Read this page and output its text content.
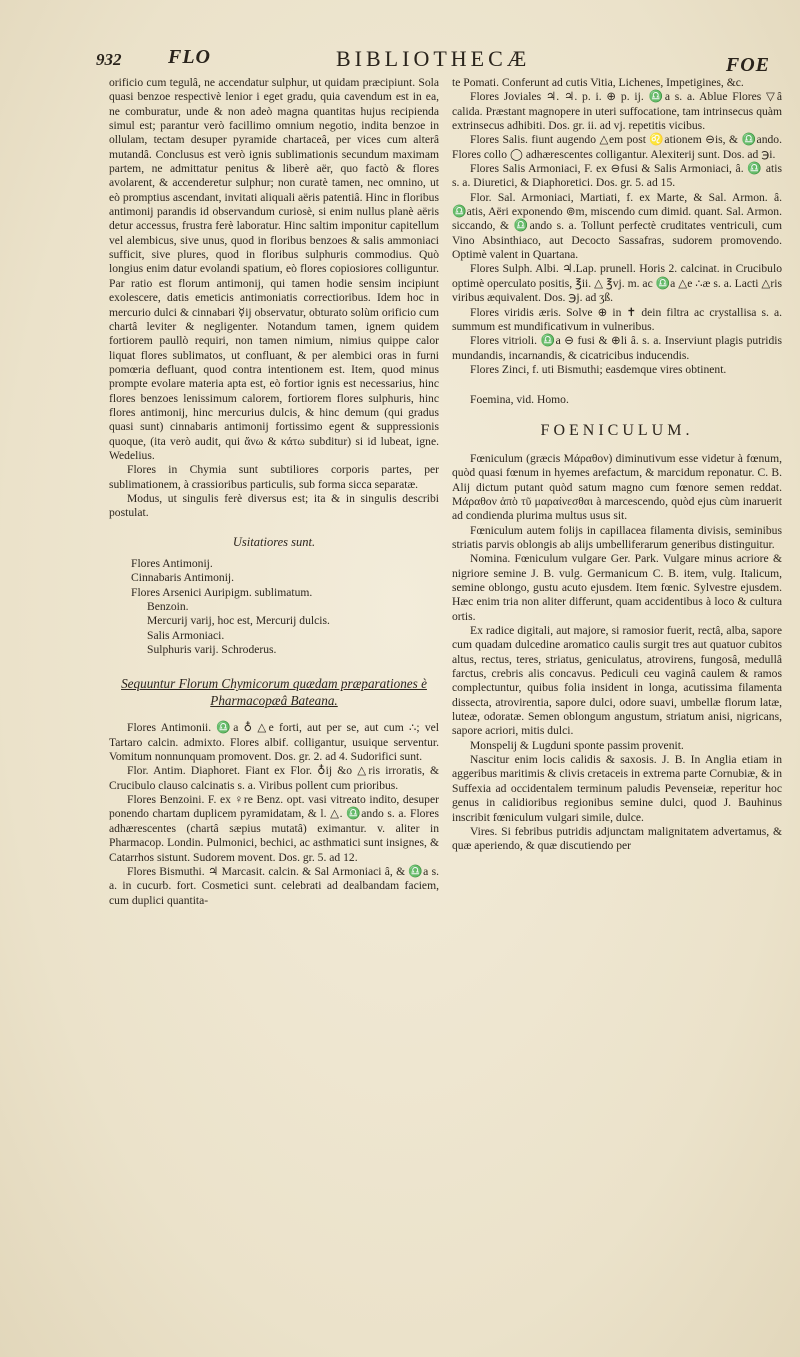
932 FLO	BIBLIOTHECÆ	FOE

orificio cum tegulâ, ne accendatur sulphur, ut quidam præcipiunt. Sola quasi benzoe respectivè lenior i eget gradu, quia cavendum est in ea, ne comburatur, unde & non adeò magna quantitas hujus recipienda simul est; parantur verò facillimo omnium negotio, indita benzoe in ollulam, tectam desuper pyramide chartaceâ, per vices cum alterâ mutandâ. Conclusus est verò ignis sublimationis secundum maximam partem, ne admittatur penitus & liberè aër, quo factò & flores avolarent, & accenderetur sulphur; non curatè tamen, nec omnino, ut eò promptius ascendant, invitati aliquali aëris patentiâ. Hinc in floribus antimonij parandis id observandum curiosè, si enim nullus planè aëris detur accessus, frustra ferè laboratur. Hinc saltim imponitur capitellum vel alembicus, sive unus, quod in floribus benzoes & salis ammoniaci sufficit, sive plures, quod in floribus sulphuris commodius. Quò longius enim datur evolandi spatium, eò flores copiosiores colliguntur. Par ratio est florum antimonij, qui tamen hodie sensim incipiunt exolescere, datis emeticis antimoniatis correctioribus. Idem hoc in mercurio dulci & cinnabari ☿ij observatur, obturato solùm orificio cum chartâ leviter & negligenter. Notandum tamen, ignem quidem fortiorem paullò requiri, non tamen nimium, nimius quippe calor liquat flores sublimatos, ut confluant, & per alembici oras in furni pomœria defluant, quod contra intentionem est. Item, quod minus prompte evolare materia apta est, eò fortior ignis est necessarius, hinc flores benzoes lenissimum calorem, fortiorem flores sulphuris, hinc flores antimonij, hinc mercurius dulcis, & hinc demum (qui gradus quasi sunt) cinnabaris antimonij fortissimo egent & suppressionis quoque, (ita verò audit, qui ἄνω & κάτω subditur) si id lubeat, igne. Wedelius.

Flores in Chymia sunt subtiliores corporis partes, per sublimationem, à crassioribus particulis, sub forma sicca separatæ.

Modus, ut singulis ferè diversus est; ita & in singulis describi postulat.

Usitatiores sunt.

Flores Antimonij.

Cinnabaris Antimonij.

Flores Arsenici Auripigm. sublimatum.

Benzoin.

Mercurij varij, hoc est, Mercurij dulcis.

Salis Armoniaci.

Sulphuris varij. Schroderus.

Sequuntur Florum Chymicorum quædam præparationes è Pharmacopæâ Bateana.

Flores Antimonii. ♎a ♁ △e forti, aut per se, aut cum ∴; vel Tartaro calcin. admixto. Flores albif. colligantur, usuique serventur. Vomitum nonnunquam promovent. Dos. gr. 2. ad 4. Sudorifici sunt.

Flor. Antim. Diaphoret. Fiant ex Flor. ♁ij &o △ris irroratis, & Crucibulo clauso calcinatis s. a. Viribus pollent cum prioribus.

Flores Benzoini. F. ex ♀re Benz. opt. vasi vitreato indito, desuper ponendo chartam duplicem pyramidatam, & l. △. ♎ando s. a. Flores adhærescentes (chartâ sæpius mutatâ) eximantur. v. aliter in Pharmacop. Londin. Pulmonici, bechici, ac asthmatici sunt insignes, & Catarrhos sistunt. Sudorem movent. Dos. gr. 5. ad 12.

Flores Bismuthi. ♃ Marcasit. calcin. & Sal Armoniaci â, & ♎a s. a. in cucurb. fort. Cosmetici sunt. celebrati ad dealbandam faciem, cum duplici quantita-

te Pomati. Conferunt ad cutis Vitia, Lichenes, Impetigines, &c.

Flores Joviales ♃. ♃. p. i. ⊕ p. ij. ♎a s. a. Ablue Flores ▽â calida. Præstant magnopere in uteri suffocatione, tam intrinsecus quàm extrinsecus adhibiti. Dos. gr. ii. ad vj. repetitis vicibus.

Flores Salis. fiunt augendo △em post ♌ationem ⊖is, & ♎ando. Flores collo ◯ adhærescentes colligantur. Alexiterij sunt. Dos. ad ℈i.

Flores Salis Armoniaci, F. ex ⊖fusi & Salis Armoniaci, â. ♎ atis s. a. Diuretici, & Diaphoretici. Dos. gr. 5. ad 15.

Flor. Sal. Armoniaci, Martiati, f. ex Marte, & Sal. Armon. â. ♎atis, Aëri exponendo ⊚m, miscendo cum dimid. quant. Sal. Armon. siccando, & ♎ando s. a. Tollunt perfectè cruditates ventriculi, cum Vino Absinthiaco, aut Decocto Sassafras, sudorem promovendo. Optimè valent in Quartana.

Flores Sulph. Albi. ♃.Lap. prunell. Horis 2. calcinat. in Crucibulo optimè operculato positis, ℥ii. △ ℥vj. m. ac ♎a △e ∴æ s. a. Lacti △ris viribus æquivalent. Dos. ℈j. ad ʒß.

Flores viridis æris. Solve ⊕ in ✝ dein filtra ac crystallisa s. a. summum est mundificativum in vulneribus.

Flores vitrioli. ♎a ⊖ fusi & ⊕li â. s. a. Inserviunt plagis putridis mundandis, incarnandis, & cicatricibus inducendis.

Flores Zinci, f. uti Bismuthi; easdemque vires obtinent.

Foemina, vid. Homo.

FOENICULUM.

Fœniculum (græcis Μάραθον) diminutivum esse videtur à fœnum, quòd quasi fœnum in hyemes arefactum, & marcidum reponatur. C. B. Alij dictum putant quòd satum magno cum fœnore semen reddat. Μάραθον ἀπὸ τῦ μαραίνεσθαι à marcescendo, quòd ejus cùm inaruerit ad condienda plurima multus usus sit.

Fœniculum autem folijs in capillacea filamenta divisis, seminibus striatis parvis oblongis ab alijs umbelliferarum generibus distinguitur.

Nomina. Fœniculum vulgare Ger. Park. Vulgare minus acriore & nigriore semine J. B. vulg. Germanicum C. B. item, vulg. Italicum, semine oblongo, gustu acuto ejusdem. Item fœnic. Sylvestre ejusdem. Hæc enim tria non aliter differunt, quam accidentibus à loco & cultura ortis.

Ex radice digitali, aut majore, si ramosior fuerit, rectâ, alba, sapore cum quadam dulcedine aromatico caulis surgit tres aut quatuor cubitos altus, rectus, teres, striatus, geniculatus, atrovirens, fungosâ, medullâ farctus, crebris alis concavus. Pediculi ceu vaginâ caulem & ramos complectuntur, quibus folia insident in longa, acutissima filamenta dissecta, atrovirentia, sapore dulci, odore suavi, umbellæ florum latæ, luteæ, odoratæ. Semen oblongum angustum, striatum anisi, nigricans, sapore acriori, mitis dulci.

Monspelij & Lugduni sponte passim provenit.

Nascitur enim locis calidis & saxosis. J. B. In Anglia etiam in aggeribus maritimis & clivis cretaceis in extrema parte Cornubiæ, & in Suffexia ad occidentalem terminum paludis Pevenseiæ, reperitur hoc genus in calidioribus regionibus semine dulci, quod J. Bauhinus inscribit fœniculum vulgari simile, dulce.

Vires. Si febribus putridis adjunctam malignitatem advertamus, & quæ aperiendo, & quæ discutiendo per
